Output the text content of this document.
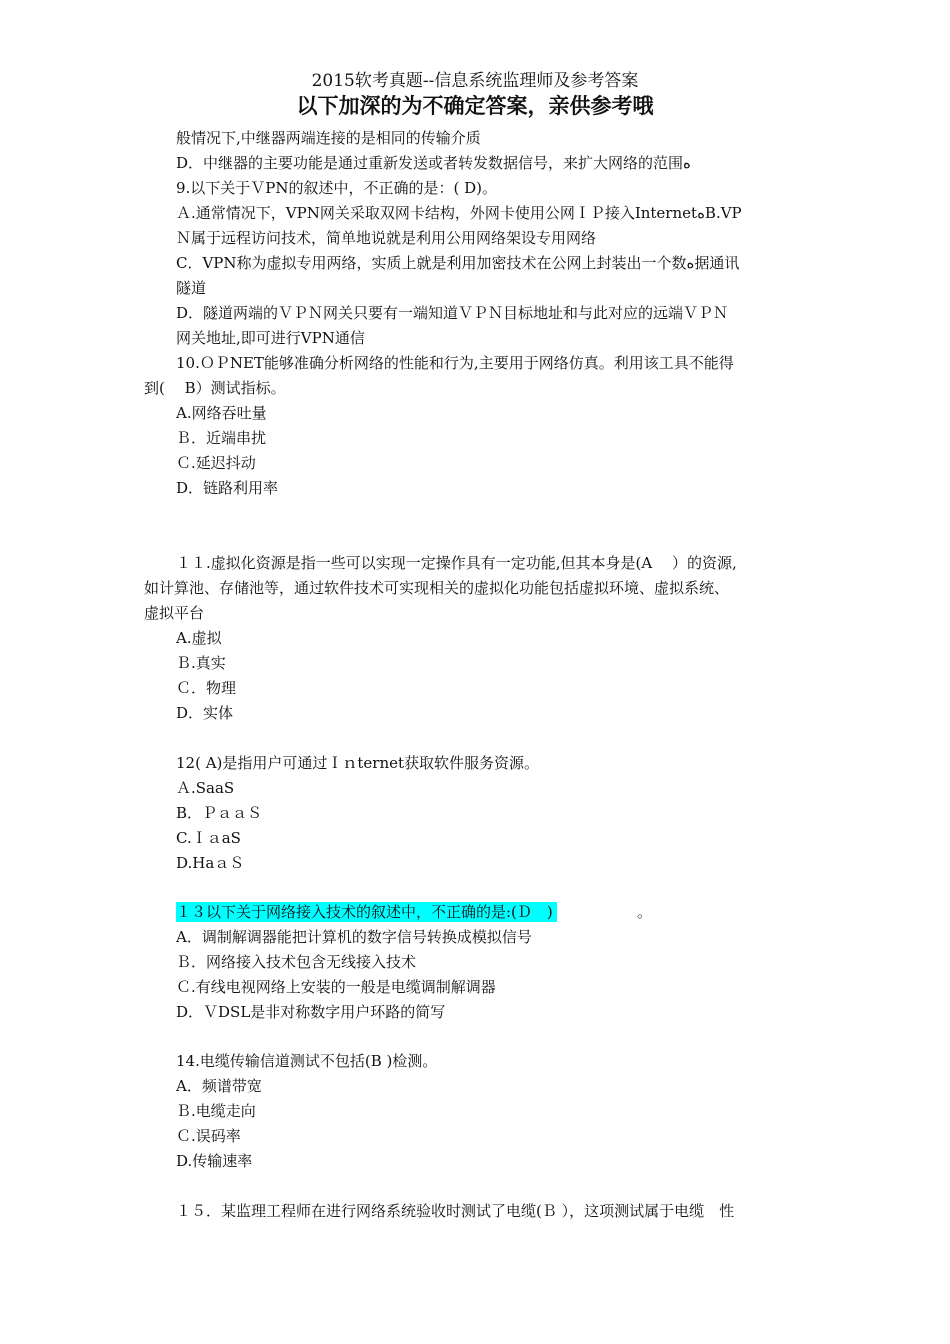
2015软考真题--信息系统监理师及参考答案
以下加深的为不确定答案，亲供参考哦
般情况下,中继器两端连接的是相同的传输介质
D．中继器的主要功能是通过重新发送或者转发数据信号，来扩大网络的范围ﻩ
9.以下关于ＶPN的叙述中，不正确的是：( D)。
Ａ.通常情况下，VPN网关采取双网卡结构，外网卡使用公网ＩＰ接入InternetﻩB.VP
Ｎ属于远程访问技术，简单地说就是利用公用网络架设专用网络
C．VPN称为虚拟专用两络，实质上就是利用加密技术在公网上封装出一个数ﻩ据通讯
隧道
D．隧道两端的ＶＰＮ网关只要有一端知道ＶＰＮ目标地址和与此对应的远端ＶＰＮ
网关地址,即可进行VPN通信
10.ＯＰNET能够准确分析网络的性能和行为,主要用于网络仿真。利用该工具不能得
到(　 B）测试指标。
A.网络吞吐量
Ｂ．近端串扰
Ｃ.延迟抖动
D．链路利用率
１１.虚拟化资源是指一些可以实现一定操作具有一定功能,但其本身是(A　 ）的资源,
如计算池、存储池等，通过软件技术可实现相关的虚拟化功能包括虚拟环境、虚拟系统、
虚拟平台
A.虚拟
Ｂ.真实
Ｃ．物理
D．实体
12( A)是指用户可通过Ｉｎternet获取软件服务资源。
Ａ.SaaS
B．ＰａａＳ
C.ＩａaS
D.HaａＳ
１３以下关于网络接入技术的叙述中，不正确的是:(Ｄ　)	。
A．调制解调器能把计算机的数字信号转换成模拟信号
Ｂ．网络接入技术包含无线接入技术
Ｃ.有线电视网络上安装的一般是电缆调制解调器
D．ＶDSL是非对称数字用户环路的简写
14.电缆传输信道测试不包括(B )检测。
A．频谱带宽
Ｂ.电缆走向
Ｃ.误码率
D.传输速率
１５．某监理工程师在进行网络系统验收时测试了电缆(Ｂ ），这项测试属于电缆　性
